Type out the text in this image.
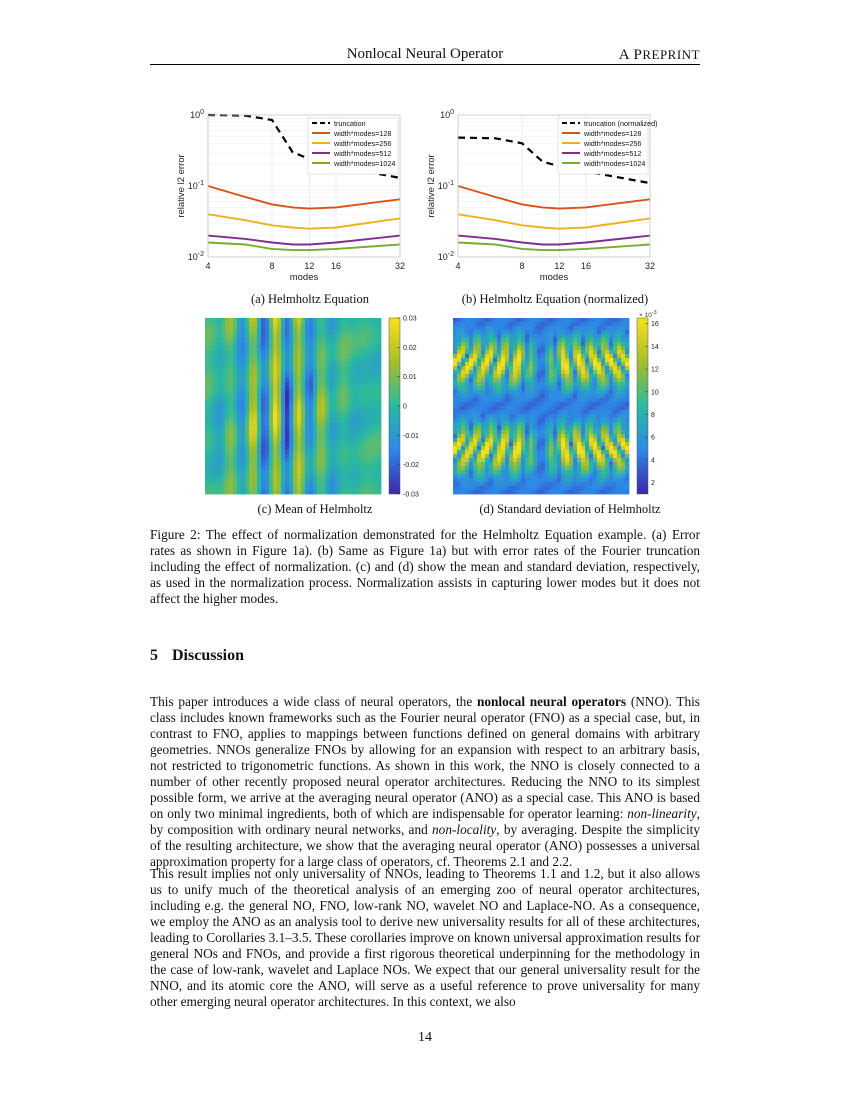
Nonlocal Neural Operator	A PREPRINT
4	8	12 16	32
$10^0$
$10^{-1}$
$10^{-2}$
modes
relative l2 error
truncation
width*modes=128
width*modes=256
width*modes=512
width*modes=1024
4	8	12 16	32
$10^0$
$10^{-1}$
$10^{-2}$
modes
relative l2 error
truncation (normalized)
width*modes=128
width*modes=256
width*modes=512
width*modes=1024
(a) Helmholtz Equation	(b) Helmholtz Equation (normalized)
0.03
0.02
0.01
0
-0.01
-0.02
-0.03
16
14
12
10
8
6
4
2
× $10^{-3}$
(c) Mean of Helmholtz	(d) Standard deviation of Helmholtz
Figure 2: The effect of normalization demonstrated for the Helmholtz Equation example. (a) Error rates as shown in Figure 1a). (b) Same as Figure 1a) but with error rates of the Fourier truncation including the effect of normalization. (c) and (d) show the mean and standard deviation, respectively, as used in the normalization process. Normalization assists in capturing lower modes but it does not affect the higher modes.
5 Discussion

This paper introduces a wide class of neural operators, the nonlocal neural operators (NNO). This class includes known frameworks such as the Fourier neural operator (FNO) as a special case, but, in contrast to FNO, applies to mappings between functions defined on general domains with arbitrary geometries. NNOs generalize FNOs by allowing for an expansion with respect to an arbitrary basis, not restricted to trigonometric functions. As shown in this work, the NNO is closely connected to a number of other recently proposed neural operator architectures. Reducing the NNO to its simplest possible form, we arrive at the averaging neural operator (ANO) as a special case. This ANO is based on only two minimal ingredients, both of which are indispensable for operator learning: non-linearity, by composition with ordinary neural networks, and non-locality, by averaging. Despite the simplicity of the resulting architecture, we show that the averaging neural operator (ANO) possesses a universal approximation property for a large class of operators, cf. Theorems 2.1 and 2.2.

This result implies not only universality of NNOs, leading to Theorems 1.1 and 1.2, but it also allows us to unify much of the theoretical analysis of an emerging zoo of neural operator architectures, including e.g. the general NO, FNO, low-rank NO, wavelet NO and Laplace-NO. As a consequence, we employ the ANO as an analysis tool to derive new universality results for all of these architectures, leading to Corollaries 3.1–3.5. These corollaries improve on known universal approximation results for general NOs and FNOs, and provide a first rigorous theoretical underpinning for the methodology in the case of low-rank, wavelet and Laplace NOs. We expect that our general universality result for the NNO, and its atomic core the ANO, will serve as a useful reference to prove universality for many other emerging neural operator architectures. In this context, we also

14
